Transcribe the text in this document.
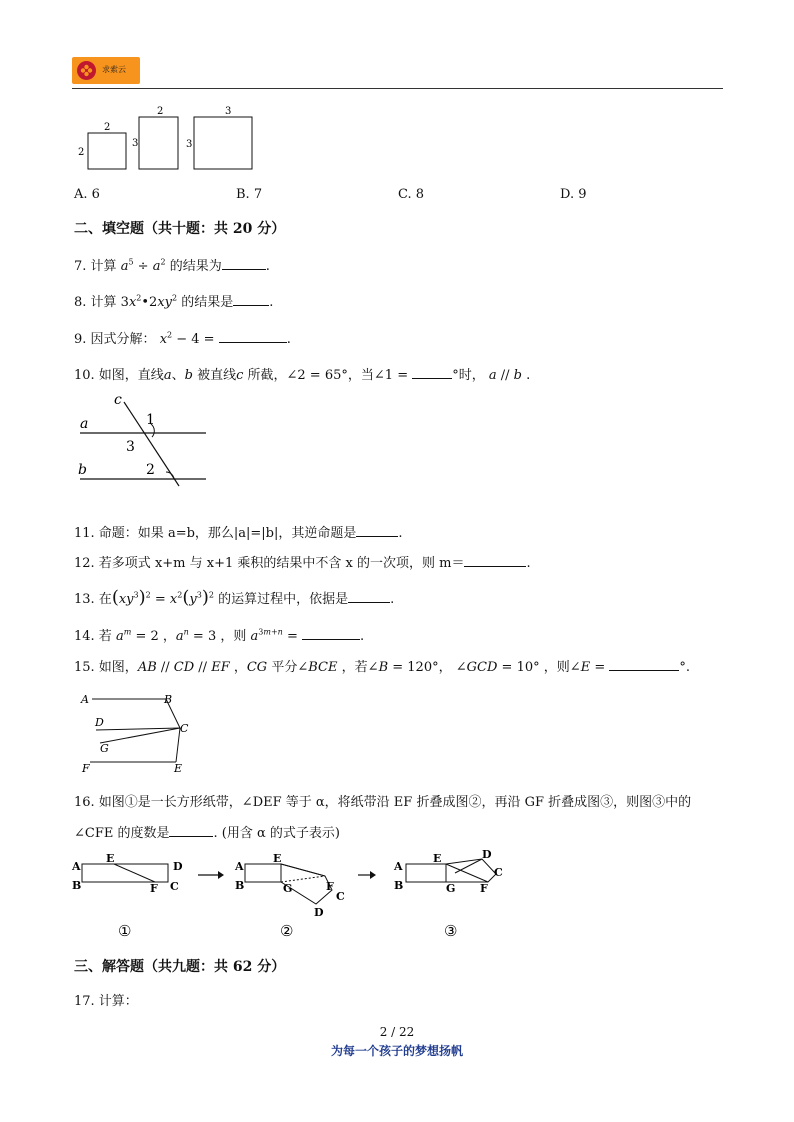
求索云
2
2
2
3
3
3
A. 6	B. 7	C. 8	D. 9
二、填空题（共十题：共 20 分）
7. 计算 $a^5 \div a^2$ 的结果为	.
8. 计算 $3x^2•2xy^2$ 的结果是	.
9. 因式分解： $x^2 - 4$ =	.
10. 如图，直线a、b 被直线c 所截，∠2 = 65°，当∠1 =	°时， a // b .
a
b
c
1
2
3
11. 命题：如果 a=b，那么|a|=|b|，其逆命题是	.
12. 若多项式 x+m 与 x+1 乘积的结果中不含 x 的一次项，则 m＝	.
13. 在$(xy^3)^2 = x^2(y^3)^2$ 的运算过程中，依据是	.
14. 若 $a^m = 2$ ，$a^n = 3$ ，则 $a^{3m+n}$ =	.
15. 如图，AB // CD // EF ，CG 平分∠BCE ，若∠B = 120°， ∠GCD = 10° ，则∠E =	°.
A	B
C
D
E
F
G
16. 如图①是一长方形纸带，∠DEF 等于 α，将纸带沿 EF 折叠成图②，再沿 GF 折叠成图③，则图③中的
∠CFE 的度数是	. (用含 α 的式子表示)
A
B
E
D
F C
A
B
E
G	F
C
D
A
B
E
G F
D
C
①	②	③
三、解答题（共九题：共 62 分）
17. 计算：
2 / 22
为每一个孩子的梦想扬帆
